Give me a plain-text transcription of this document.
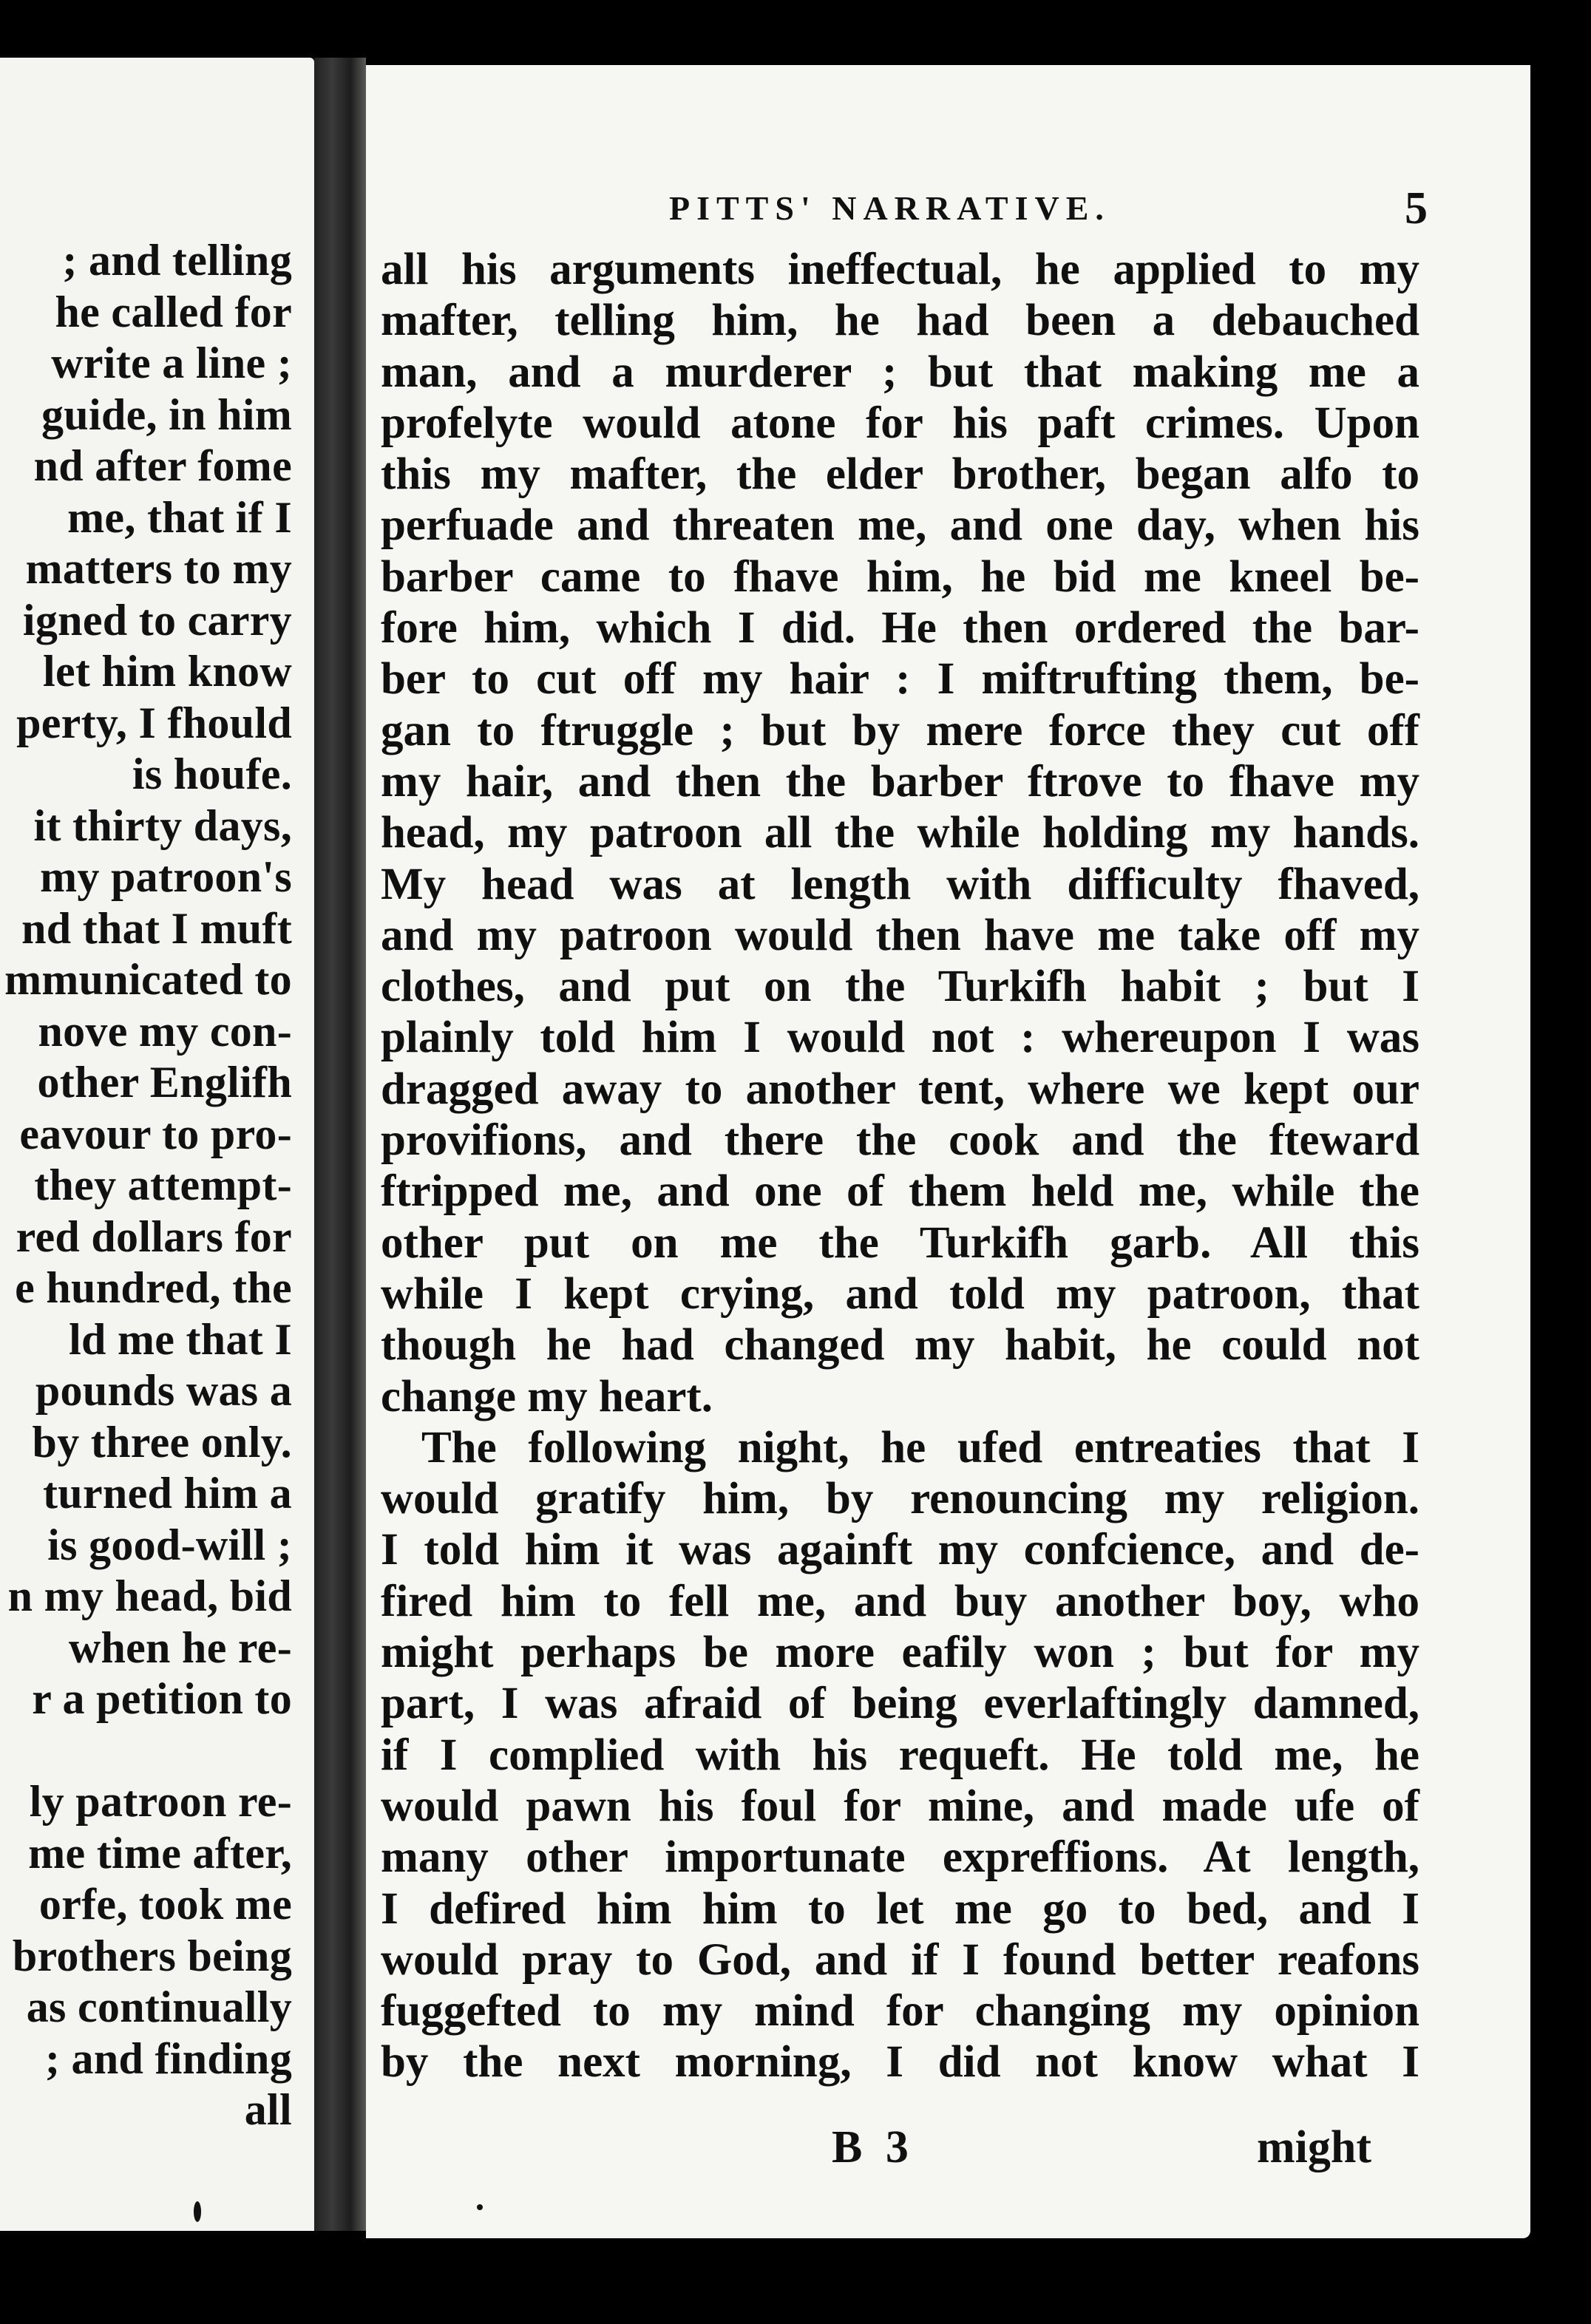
; and telling
he called for
write a line ;
guide, in him
nd after fome
me, that if I
matters to my
igned to carry
let him know
perty, I fhould
is houfe.
it thirty days,
my patroon's
nd that I muft
mmunicated to
nove my con-
other Englifh
eavour to pro-
they attempt-
red dollars for
e hundred, the
ld me that I
pounds was a
by three only.
turned him a
is good-will ;
n my head, bid
when he re-
r a petition to

ly patroon re-
me time after,
orfe, took me
brothers being
as continually
; and finding
all
PITTS' NARRATIVE.	5
all his arguments ineffectual, he applied to my
mafter, telling him, he had been a debauched
man, and a murderer ; but that making me a
profelyte would atone for his paft crimes. Upon
this my mafter, the elder brother, began alfo to
perfuade and threaten me, and one day, when his
barber came to fhave him, he bid me kneel be-
fore him, which I did. He then ordered the bar-
ber to cut off my hair : I miftrufting them, be-
gan to ftruggle ; but by mere force they cut off
my hair, and then the barber ftrove to fhave my
head, my patroon all the while holding my hands.
My head was at length with difficulty fhaved,
and my patroon would then have me take off my
clothes, and put on the Turkifh habit ; but I
plainly told him I would not : whereupon I was
dragged away to another tent, where we kept our
provifions, and there the cook and the fteward
ftripped me, and one of them held me, while the
other put on me the Turkifh garb. All this
while I kept crying, and told my patroon, that
though he had changed my habit, he could not
change my heart.
The following night, he ufed entreaties that I
would gratify him, by renouncing my religion.
I told him it was againft my confcience, and de-
fired him to fell me, and buy another boy, who
might perhaps be more eafily won ; but for my
part, I was afraid of being everlaftingly damned,
if I complied with his requeft. He told me, he
would pawn his foul for mine, and made ufe of
many other importunate expreffions. At length,
I defired him him to let me go to bed, and I
would pray to God, and if I found better reafons
fuggefted to my mind for changing my opinion
by the next morning, I did not know what I
B 3	might
